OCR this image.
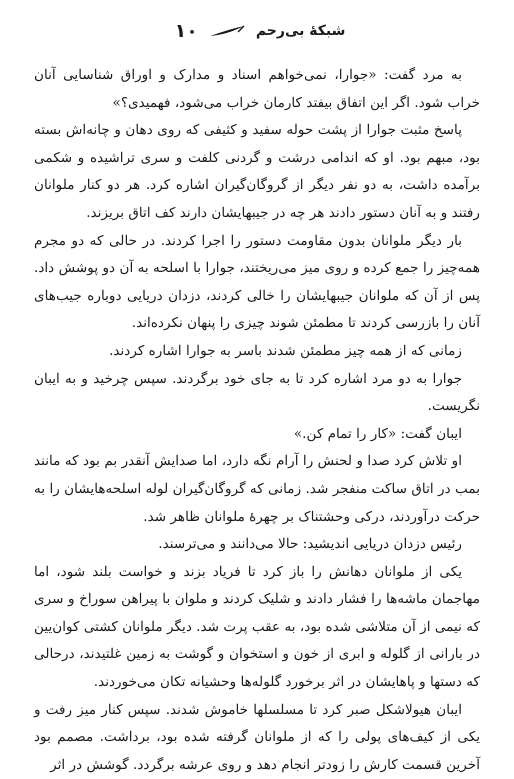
۱۰	شبکهٔ بی‌رحم

به مرد گفت: «جوارا، نمی‌خواهم اسناد و مدارک و اوراق شناسایی آنان خراب شود. اگر این اتفاق بیفتد کارمان خراب می‌شود، فهمیدی؟»

پاسخ مثبت جوارا از پشت حوله سفید و کثیفی که روی دهان و چانه‌اش بسته بود، مبهم بود. او که اندامی درشت و گردنی کلفت و سری تراشیده و شکمی برآمده داشت، به دو نفر دیگر از گروگان‌گیران اشاره کرد. هر دو کنار ملوانان رفتند و به آنان دستور دادند هر چه در جیبهایشان دارند کف اتاق بریزند.

بار دیگر ملوانان بدون مقاومت دستور را اجرا کردند. در حالی که دو مجرم همه‌چیز را جمع کرده و روی میز می‌ریختند، جوارا با اسلحه به آن دو پوشش داد. پس از آن که ملوانان جیبهایشان را خالی کردند، دزدان دریایی دوباره جیب‌های آنان را بازرسی کردند تا مطمئن شوند چیزی را پنهان نکرده‌اند.

زمانی که از همه چیز مطمئن شدند باسر به جوارا اشاره کردند.

جوارا به دو مرد اشاره کرد تا به جای خود برگردند. سپس چرخید و به ایبان نگریست.

ایبان گفت: «کار را تمام کن.»

او تلاش کرد صدا و لحنش را آرام نگه دارد، اما صدایش آنقدر بم بود که مانند بمب در اتاق ساکت منفجر شد. زمانی که گروگان‌گیران لوله اسلحه‌هایشان را به حرکت درآوردند، درکی وحشتناک بر چهرهٔ ملوانان ظاهر شد.

رئیس دزدان دریایی اندیشید: حالا می‌دانند و می‌ترسند.

یکی از ملوانان دهانش را باز کرد تا فریاد بزند و خواست بلند شود، اما مهاجمان ماشه‌ها را فشار دادند و شلیک کردند و ملوان با پیراهن سوراخ و سری که نیمی از آن متلاشی شده بود، به عقب پرت شد. دیگر ملوانان کشتی کوان‌یین در بارانی از گلوله و ابری از خون و استخوان و گوشت به زمین غلتیدند، درحالی که دستها و پاهایشان در اثر برخورد گلوله‌ها وحشیانه تکان می‌خوردند.

ایبان هیولاشکل صبر کرد تا مسلسلها خاموش شدند. سپس کنار میز رفت و یکی از کیف‌های پولی را که از ملوانان گرفته شده بود، برداشت. مصمم بود آخرین قسمت کارش را زودتر انجام دهد و روی عرشه برگردد. گوشش در اثر
